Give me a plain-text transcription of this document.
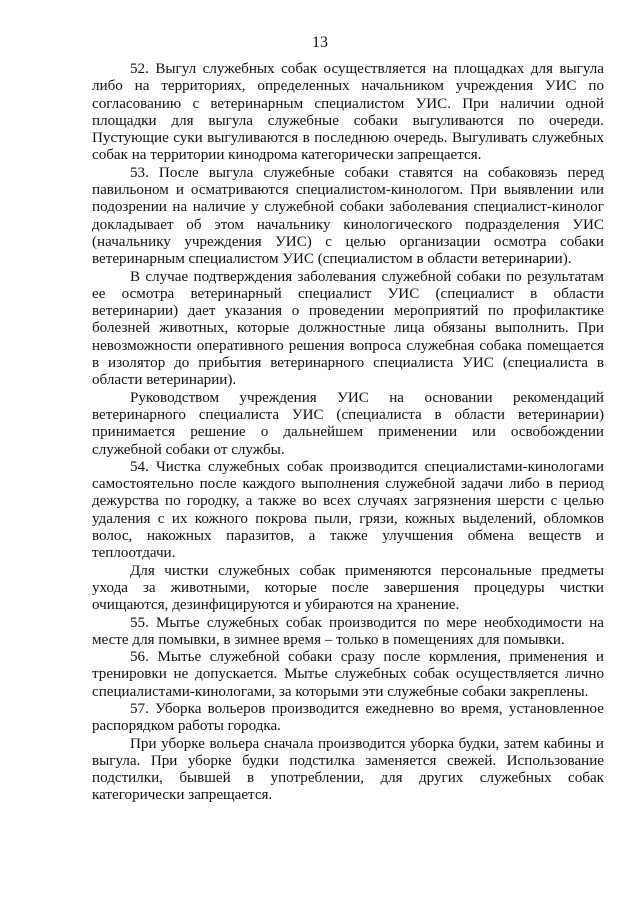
13

52. Выгул служебных собак осуществляется на площадках для выгула либо на территориях, определенных начальником учреждения УИС по согласованию с ветеринарным специалистом УИС. При наличии одной площадки для выгула служебные собаки выгуливаются по очереди. Пустующие суки выгуливаются в последнюю очередь. Выгуливать служебных собак на территории кинодрома категорически запрещается.

53. После выгула служебные собаки ставятся на собаковязь перед павильоном и осматриваются специалистом-кинологом. При выявлении или подозрении на наличие у служебной собаки заболевания специалист-кинолог докладывает об этом начальнику кинологического подразделения УИС (начальнику учреждения УИС) с целью организации осмотра собаки ветеринарным специалистом УИС (специалистом в области ветеринарии).

В случае подтверждения заболевания служебной собаки по результатам ее осмотра ветеринарный специалист УИС (специалист в области ветеринарии) дает указания о проведении мероприятий по профилактике болезней животных, которые должностные лица обязаны выполнить. При невозможности оперативного решения вопроса служебная собака помещается в изолятор до прибытия ветеринарного специалиста УИС (специалиста в области ветеринарии).

Руководством учреждения УИС на основании рекомендаций ветеринарного специалиста УИС (специалиста в области ветеринарии) принимается решение о дальнейшем применении или освобождении служебной собаки от службы.

54. Чистка служебных собак производится специалистами-кинологами самостоятельно после каждого выполнения служебной задачи либо в период дежурства по городку, а также во всех случаях загрязнения шерсти с целью удаления с их кожного покрова пыли, грязи, кожных выделений, обломков волос, накожных паразитов, а также улучшения обмена веществ и теплоотдачи.

Для чистки служебных собак применяются персональные предметы ухода за животными, которые после завершения процедуры чистки очищаются, дезинфицируются и убираются на хранение.

55. Мытье служебных собак производится по мере необходимости на месте для помывки, в зимнее время – только в помещениях для помывки.

56. Мытье служебной собаки сразу после кормления, применения и тренировки не допускается. Мытье служебных собак осуществляется лично специалистами-кинологами, за которыми эти служебные собаки закреплены.

57. Уборка вольеров производится ежедневно во время, установленное распорядком работы городка.

При уборке вольера сначала производится уборка будки, затем кабины и выгула. При уборке будки подстилка заменяется свежей. Использование подстилки, бывшей в употреблении, для других служебных собак категорически запрещается.
